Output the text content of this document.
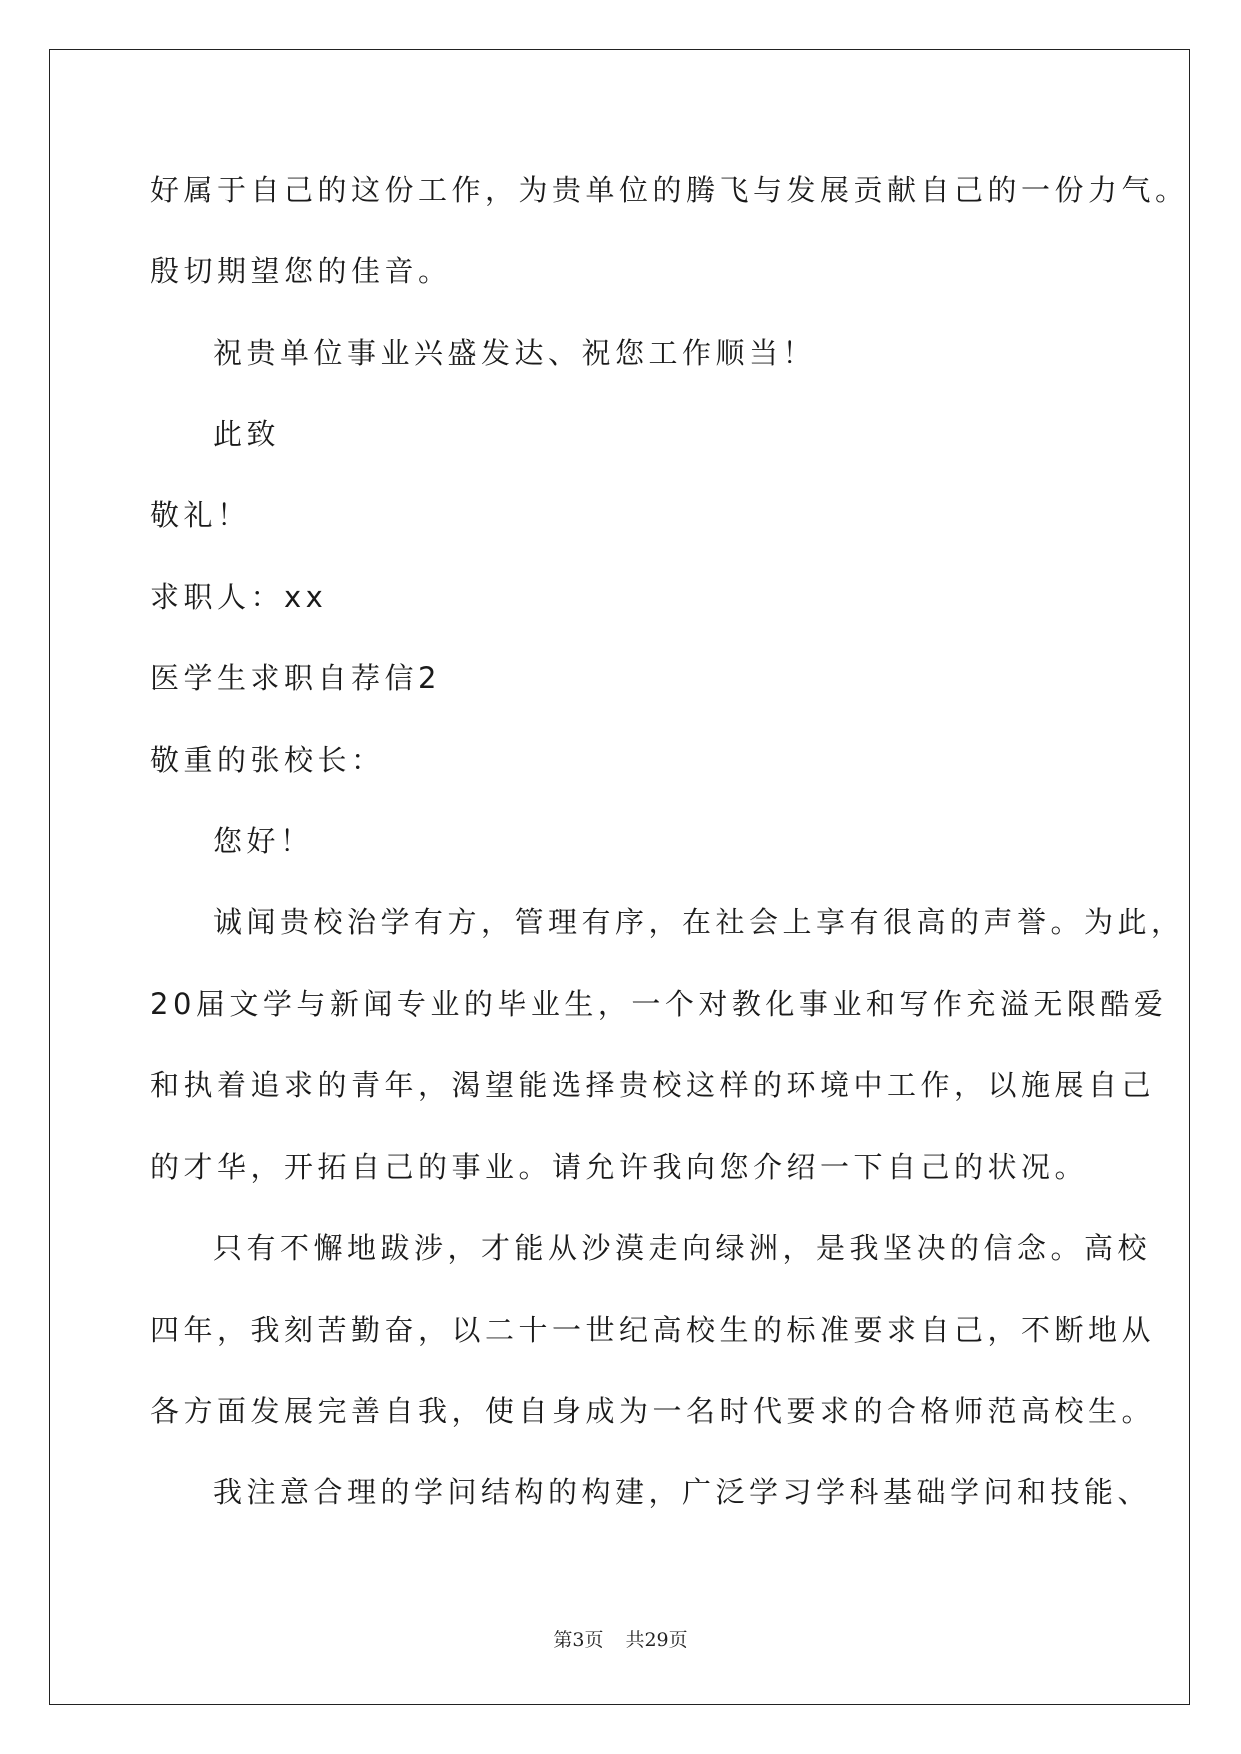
好属于自己的这份工作，为贵单位的腾飞与发展贡献自己的一份力气。
殷切期望您的佳音。
祝贵单位事业兴盛发达、祝您工作顺当！
此致
敬礼！
求职人：xx
医学生求职自荐信2
敬重的张校长：
您好！
诚闻贵校治学有方，管理有序，在社会上享有很高的声誉。为此，
20届文学与新闻专业的毕业生，一个对教化事业和写作充溢无限酷爱
和执着追求的青年，渴望能选择贵校这样的环境中工作，以施展自己
的才华，开拓自己的事业。请允许我向您介绍一下自己的状况。
只有不懈地跋涉，才能从沙漠走向绿洲，是我坚决的信念。高校
四年，我刻苦勤奋，以二十一世纪高校生的标准要求自己，不断地从
各方面发展完善自我，使自身成为一名时代要求的合格师范高校生。
我注意合理的学问结构的构建，广泛学习学科基础学问和技能、
第3页 共29页
